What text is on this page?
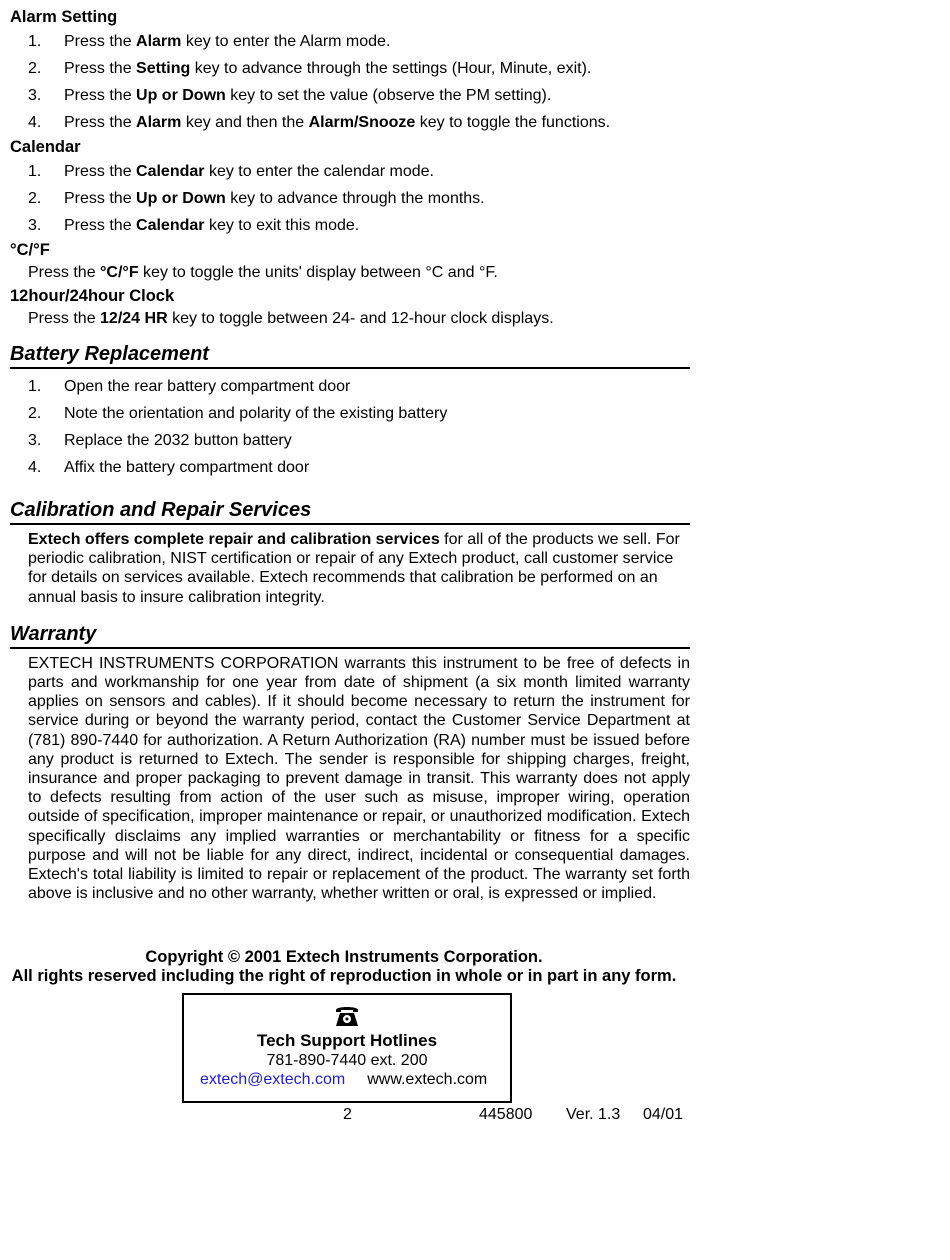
Alarm Setting
1. Press the Alarm key to enter the Alarm mode.
2. Press the Setting key to advance through the settings (Hour, Minute, exit).
3. Press the Up or Down key to set the value (observe the PM setting).
4. Press the Alarm key and then the Alarm/Snooze key to toggle the functions.
Calendar
1. Press the Calendar key to enter the calendar mode.
2. Press the Up or Down key to advance through the months.
3. Press the Calendar key to exit this mode.
°C/°F
Press the °C/°F key to toggle the units' display between °C and °F.
12hour/24hour Clock
Press the 12/24 HR key to toggle between 24- and 12-hour clock displays.
Battery Replacement
1. Open the rear battery compartment door
2. Note the orientation and polarity of the existing battery
3. Replace the 2032 button battery
4. Affix the battery compartment door
Calibration and Repair Services
Extech offers complete repair and calibration services for all of the products we sell. For periodic calibration, NIST certification or repair of any Extech product, call customer service for details on services available. Extech recommends that calibration be performed on an annual basis to insure calibration integrity.
Warranty
EXTECH INSTRUMENTS CORPORATION warrants this instrument to be free of defects in parts and workmanship for one year from date of shipment (a six month limited warranty applies on sensors and cables). If it should become necessary to return the instrument for service during or beyond the warranty period, contact the Customer Service Department at (781) 890-7440 for authorization. A Return Authorization (RA) number must be issued before any product is returned to Extech. The sender is responsible for shipping charges, freight, insurance and proper packaging to prevent damage in transit. This warranty does not apply to defects resulting from action of the user such as misuse, improper wiring, operation outside of specification, improper maintenance or repair, or unauthorized modification. Extech specifically disclaims any implied warranties or merchantability or fitness for a specific purpose and will not be liable for any direct, indirect, incidental or consequential damages. Extech's total liability is limited to repair or replacement of the product. The warranty set forth above is inclusive and no other warranty, whether written or oral, is expressed or implied.
Copyright © 2001 Extech Instruments Corporation.
All rights reserved including the right of reproduction in whole or in part in any form.
Tech Support Hotlines
781-890-7440 ext. 200
extech@extech.com www.extech.com
2	445800 Ver. 1.3 04/01
